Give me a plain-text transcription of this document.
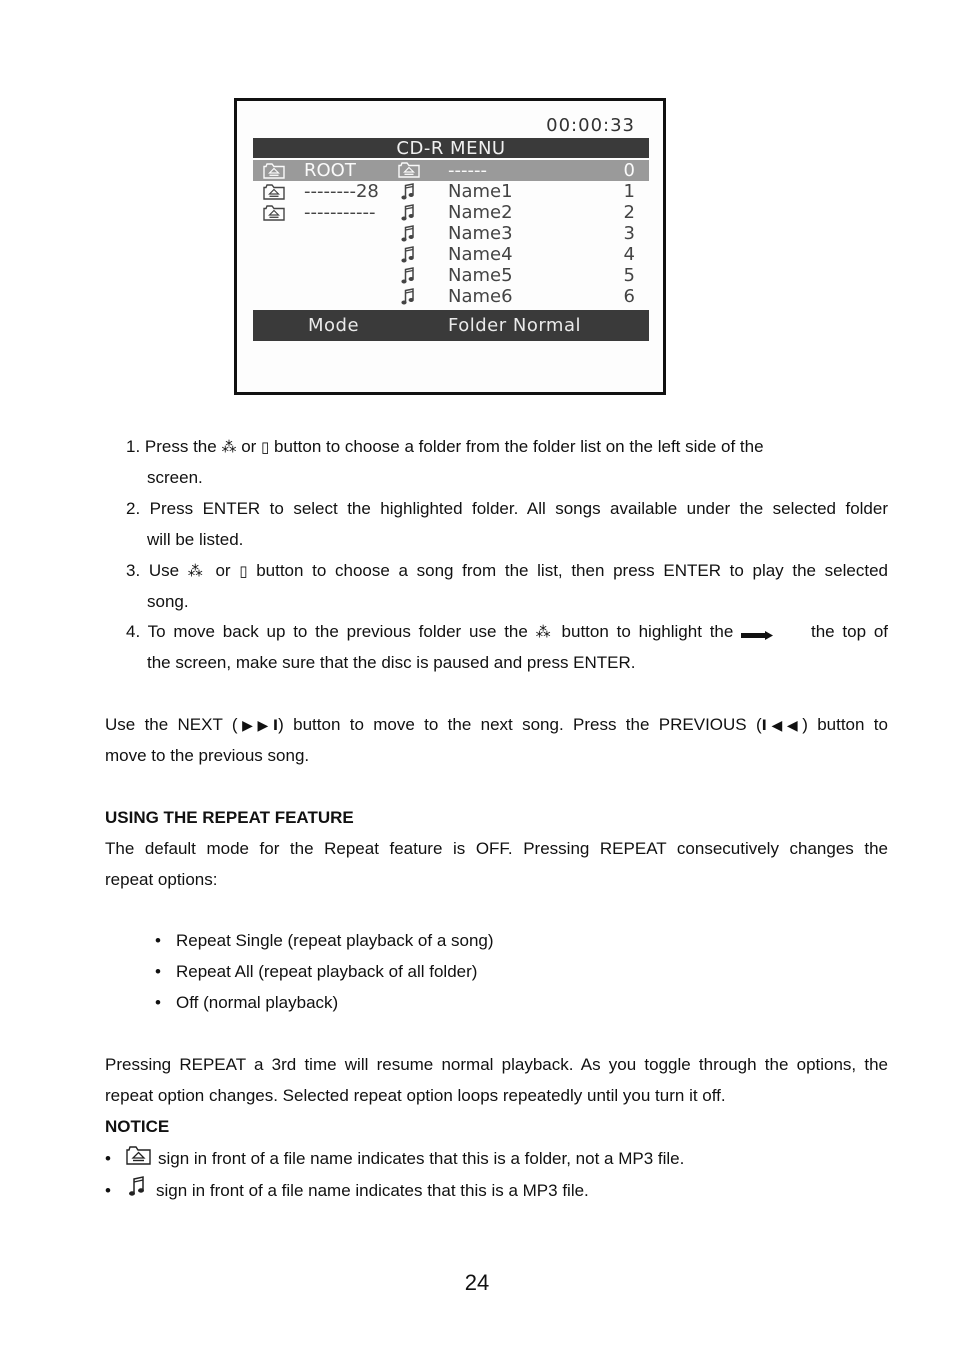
00:00:33
CD-R MENU
ROOT	------	0
--------28	Name1	1
-----------	Name2	2
Name3	3
Name4	4
Name5	5
Name6	6
Mode	Folder Normal
1. Press the ⁂ or ▯ button to choose a folder from the folder list on the left side of the
screen.
2. Press ENTER to select the highlighted folder. All songs available under the selected folder
will be listed.
3. Use ⁂ or ▯ button to choose a song from the list, then press ENTER to play the selected
song.
4. To move back up to the previous folder use the ⁂ button to highlight the	the top of
the screen, make sure that the disc is paused and press ENTER.
Use the NEXT (▶▶I) button to move to the next song. Press the PREVIOUS (I◀◀) button to
move to the previous song.
USING THE REPEAT FEATURE
The default mode for the Repeat feature is OFF. Pressing REPEAT consecutively changes the
repeat options:
• Repeat Single (repeat playback of a song)
• Repeat All (repeat playback of all folder)
• Off (normal playback)
Pressing REPEAT a 3rd time will resume normal playback. As you toggle through the options, the
repeat option changes. Selected repeat option loops repeatedly until you turn it off.
NOTICE
•	sign in front of a file name indicates that this is a folder, not a MP3 file.
•	sign in front of a file name indicates that this is a MP3 file.
24
